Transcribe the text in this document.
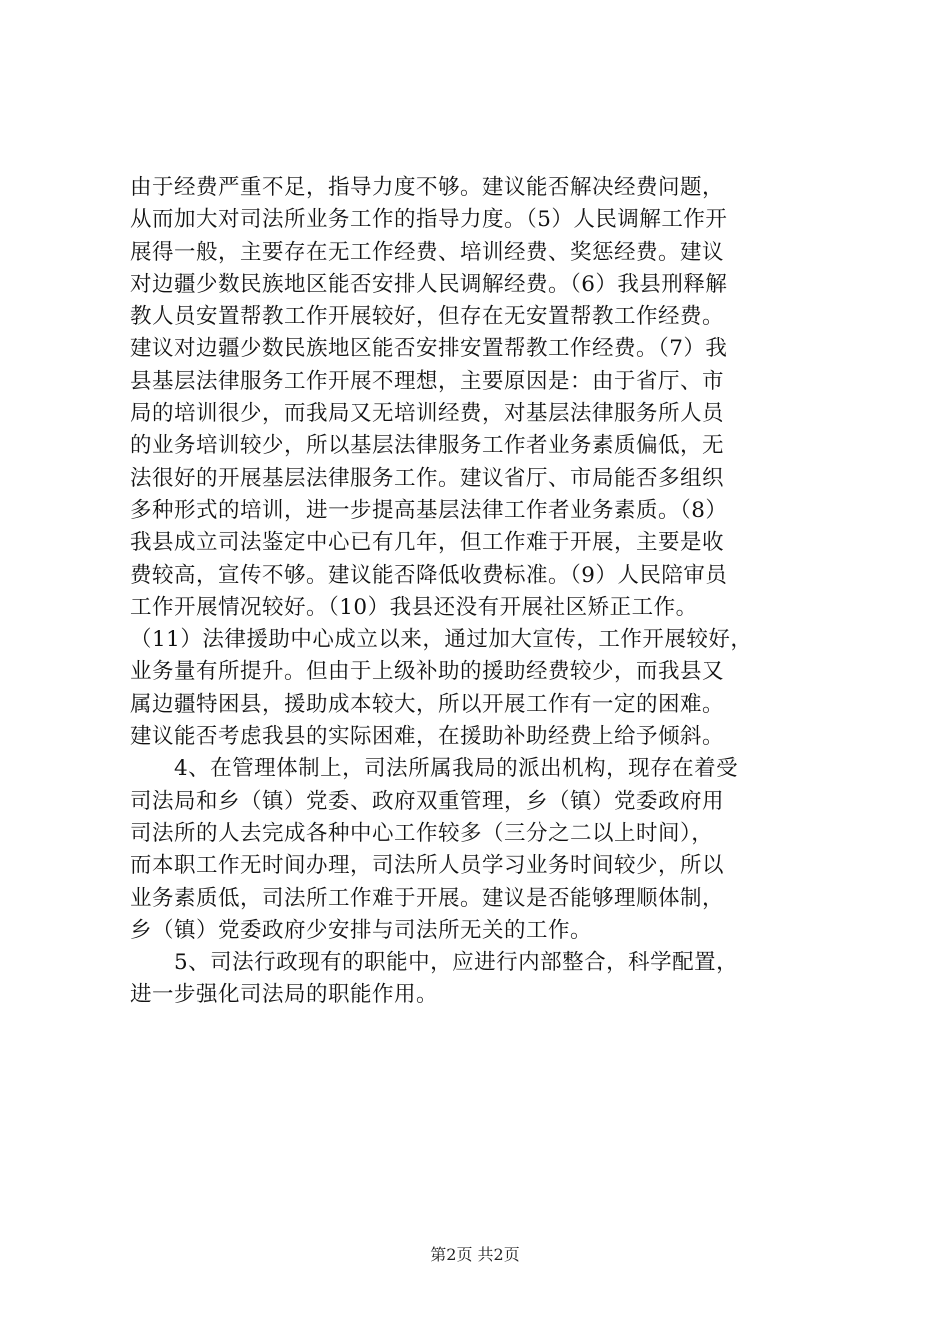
由于经费严重不足，指导力度不够。建议能否解决经费问题，
从而加大对司法所业务工作的指导力度。（5）人民调解工作开
展得一般，主要存在无工作经费、培训经费、奖惩经费。建议
对边疆少数民族地区能否安排人民调解经费。（6）我县刑释解
教人员安置帮教工作开展较好，但存在无安置帮教工作经费。
建议对边疆少数民族地区能否安排安置帮教工作经费。（7）我
县基层法律服务工作开展不理想，主要原因是：由于省厅、市
局的培训很少，而我局又无培训经费，对基层法律服务所人员
的业务培训较少，所以基层法律服务工作者业务素质偏低，无
法很好的开展基层法律服务工作。建议省厅、市局能否多组织
多种形式的培训，进一步提高基层法律工作者业务素质。（8）
我县成立司法鉴定中心已有几年，但工作难于开展，主要是收
费较高，宣传不够。建议能否降低收费标准。（9）人民陪审员
工作开展情况较好。（10）我县还没有开展社区矫正工作。
（11）法律援助中心成立以来，通过加大宣传，工作开展较好，
业务量有所提升。但由于上级补助的援助经费较少，而我县又
属边疆特困县，援助成本较大，所以开展工作有一定的困难。
建议能否考虑我县的实际困难，在援助补助经费上给予倾斜。
　　4、在管理体制上，司法所属我局的派出机构，现存在着受
司法局和乡（镇）党委、政府双重管理，乡（镇）党委政府用
司法所的人去完成各种中心工作较多（三分之二以上时间），
而本职工作无时间办理，司法所人员学习业务时间较少，所以
业务素质低，司法所工作难于开展。建议是否能够理顺体制，
乡（镇）党委政府少安排与司法所无关的工作。
　　5、司法行政现有的职能中，应进行内部整合，科学配置，
进一步强化司法局的职能作用。
第2页 共2页
